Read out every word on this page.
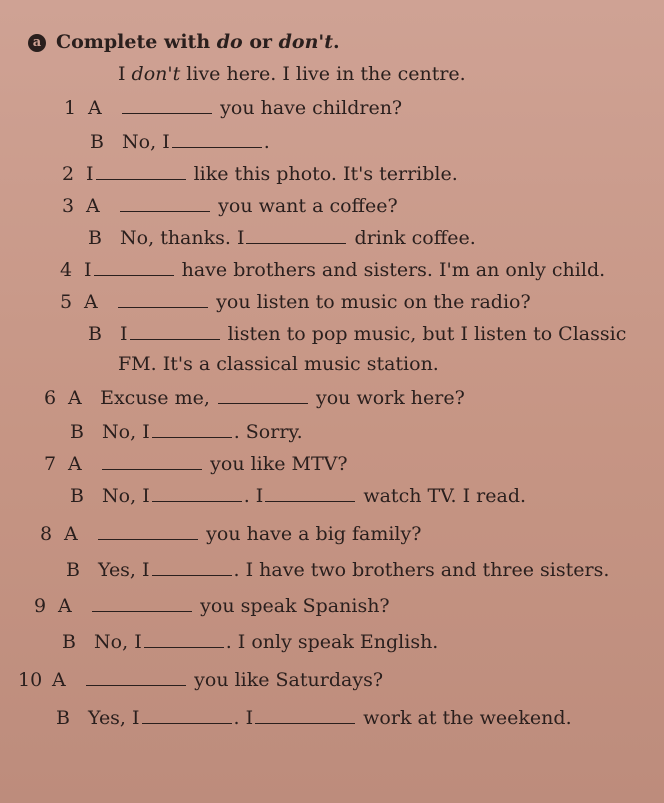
a Complete with do or don't.
I don't live here. I live in the centre.
1 A	you have children?
B No, I	.
2 I	like this photo. It's terrible.
3 A	you want a coffee?
B No, thanks. I	drink coffee.
4 I	have brothers and sisters. I'm an only child.
5 A	you listen to music on the radio?
B I	listen to pop music, but I listen to Classic
FM. It's a classical music station.
6 A Excuse me,	you work here?
B No, I	. Sorry.
7 A	you like MTV?
B No, I	. I	watch TV. I read.
8 A	you have a big family?
B Yes, I	. I have two brothers and three sisters.
9 A	you speak Spanish?
B No, I	. I only speak English.
10 A	you like Saturdays?
B Yes, I	. I	work at the weekend.
